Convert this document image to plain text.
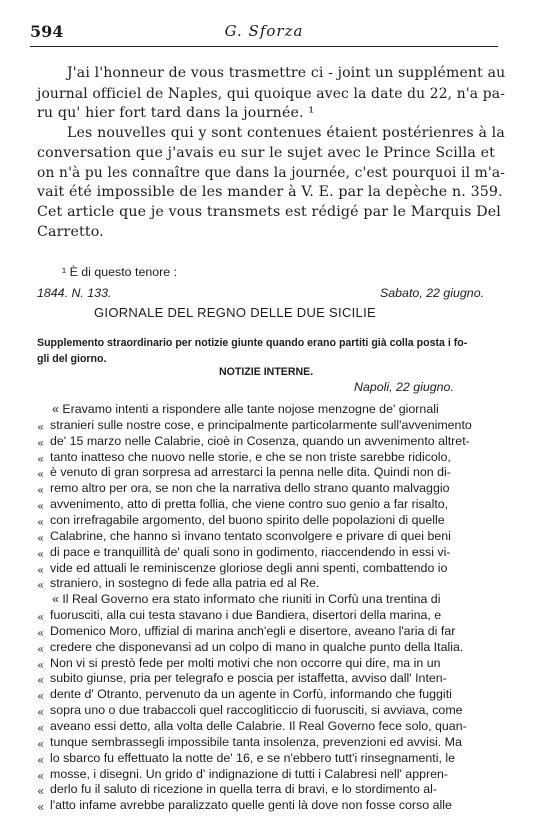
594	G. Sforza
J'ai l'honneur de vous trasmettre ci - joint un supplément au
journal officiel de Naples, qui quoique avec la date du 22, n'a pa-
ru qu' hier fort tard dans la journée. ¹
Les nouvelles qui y sont contenues étaient postérienres à la
conversation que j'avais eu sur le sujet avec le Prince Scilla et
on n'à pu les connaître que dans la journée, c'est pourquoi il m'a-
vait été impossible de les mander à V. E. par la depèche n. 359.
Cet article que je vous transmets est rédigé par le Marquis Del
Carretto.
¹ È di questo tenore :
1844. N. 133.	Sabato, 22 giugno.
GIORNALE DEL REGNO DELLE DUE SICILIE
Supplemento straordinario per notizie giunte quando erano partiti già colla posta i fo-
gli del giorno.
NOTIZIE INTERNE.
Napoli, 22 giugno.
« Eravamo intenti a rispondere alle tante nojose menzogne de' giornali
« stranieri sulle nostre cose, e principalmente particolarmente sull'avvenimento
« de' 15 marzo nelle Calabrie, cioè in Cosenza, quando un avvenimento altret-
« tanto inatteso che nuovo nelle storie, e che se non triste sarebbe ridicolo,
« è venuto di gran sorpresa ad arrestarci la penna nelle dita. Quindi non di-
« remo altro per ora, se non che la narrativa dello strano quanto malvaggio
« avvenimento, atto di pretta follia, che viene contro suo genio a far risalto,
« con irrefragabile argomento, del buono spirito delle popolazioni di quelle
« Calabrine, che hanno sì invano tentato sconvolgere e privare di quei beni
« di pace e tranquillità de' quali sono in godimento, riaccendendo in essi vi-
« vide ed attuali le reminiscenze gloriose degli anni spenti, combattendo io
« straniero, in sostegno di fede alla patria ed al Re.
« Il Real Governo era stato informato che riuniti in Corfù una trentina di
« fuorusciti, alla cui testa stavano i due Bandiera, disertori della marina, e
« Domenico Moro, uffizial di marina anch'egli e disertore, aveano l'aria di far
« credere che disponevansi ad un colpo di mano in qualche punto della Italia.
« Non vi si prestò fede per molti motivi che non occorre qui dire, ma in un
« subito giunse, pria per telegrafo e poscia per istaffetta, avviso dall' Inten-
« dente d' Otranto, pervenuto da un agente in Corfù, informando che fuggiti
« sopra uno o due trabaccoli quel raccoglitìccio di fuorusciti, si avviava, come
« aveano essi detto, alla volta delle Calabrie. Il Real Governo fece solo, quan-
« tunque sembrassegli impossibile tanta insolenza, prevenzioni ed avvisi. Ma
« lo sbarco fu effettuato la notte de' 16, e se n'ebbero tutt'i rinsegnamenti, le
« mosse, i disegni. Un grido d' indignazione di tutti i Calabresi nell' appren-
« derlo fu il saluto di ricezione in quella terra di bravi, e lo stordimento al-
« l'atto infame avrebbe paralizzato quelle genti là dove non fosse corso alle
